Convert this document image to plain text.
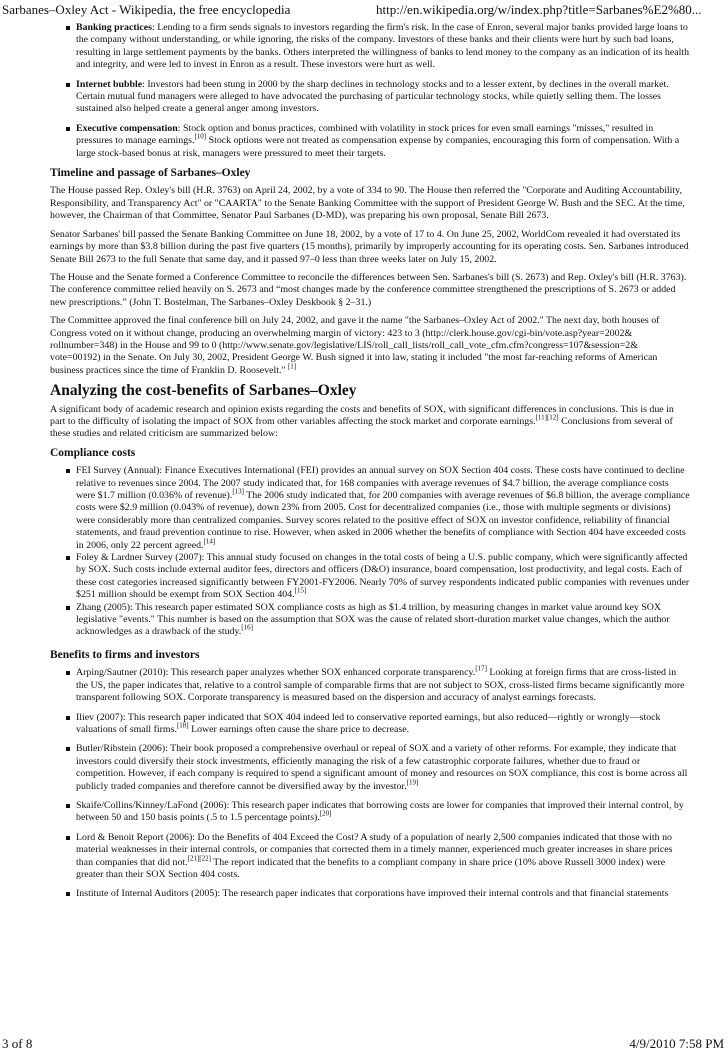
Sarbanes–Oxley Act - Wikipedia, the free encyclopedia	http://en.wikipedia.org/w/index.php?title=Sarbanes%E2%80...
Banking practices: Lending to a firm sends signals to investors regarding the firm's risk. In the case of Enron, several major banks provided large loans to the company without understanding, or while ignoring, the risks of the company. Investors of these banks and their clients were hurt by such bad loans, resulting in large settlement payments by the banks. Others interpreted the willingness of banks to lend money to the company as an indication of its health and integrity, and were led to invest in Enron as a result. These investors were hurt as well.
Internet bubble: Investors had been stung in 2000 by the sharp declines in technology stocks and to a lesser extent, by declines in the overall market. Certain mutual fund managers were alleged to have advocated the purchasing of particular technology stocks, while quietly selling them. The losses sustained also helped create a general anger among investors.
Executive compensation: Stock option and bonus practices, combined with volatility in stock prices for even small earnings "misses," resulted in pressures to manage earnings.[10] Stock options were not treated as compensation expense by companies, encouraging this form of compensation. With a large stock-based bonus at risk, managers were pressured to meet their targets.
Timeline and passage of Sarbanes–Oxley

The House passed Rep. Oxley's bill (H.R. 3763) on April 24, 2002, by a vote of 334 to 90. The House then referred the "Corporate and Auditing Accountability, Responsibility, and Transparency Act" or "CAARTA" to the Senate Banking Committee with the support of President George W. Bush and the SEC. At the time, however, the Chairman of that Committee, Senator Paul Sarbanes (D-MD), was preparing his own proposal, Senate Bill 2673.

Senator Sarbanes' bill passed the Senate Banking Committee on June 18, 2002, by a vote of 17 to 4. On June 25, 2002, WorldCom revealed it had overstated its earnings by more than $3.8 billion during the past five quarters (15 months), primarily by improperly accounting for its operating costs. Sen. Sarbanes introduced Senate Bill 2673 to the full Senate that same day, and it passed 97–0 less than three weeks later on July 15, 2002.

The House and the Senate formed a Conference Committee to reconcile the differences between Sen. Sarbanes's bill (S. 2673) and Rep. Oxley's bill (H.R. 3763). The conference committee relied heavily on S. 2673 and “most changes made by the conference committee strengthened the prescriptions of S. 2673 or added new prescriptions.” (John T. Bostelman, The Sarbanes–Oxley Deskbook § 2–31.)

The Committee approved the final conference bill on July 24, 2002, and gave it the name "the Sarbanes–Oxley Act of 2002." The next day, both houses of Congress voted on it without change, producing an overwhelming margin of victory: 423 to 3 (http://clerk.house.gov/cgi-bin/vote.asp?year=2002& rollnumber=348) in the House and 99 to 0 (http://www.senate.gov/legislative/LIS/roll_call_lists/roll_call_vote_cfm.cfm?congress=107&session=2& vote=00192) in the Senate. On July 30, 2002, President George W. Bush signed it into law, stating it included "the most far-reaching reforms of American business practices since the time of Franklin D. Roosevelt." [1]

Analyzing the cost-benefits of Sarbanes–Oxley

A significant body of academic research and opinion exists regarding the costs and benefits of SOX, with significant differences in conclusions. This is due in part to the difficulty of isolating the impact of SOX from other variables affecting the stock market and corporate earnings.[11][12] Conclusions from several of these studies and related criticism are summarized below:

Compliance costs
FEI Survey (Annual): Finance Executives International (FEI) provides an annual survey on SOX Section 404 costs. These costs have continued to decline relative to revenues since 2004. The 2007 study indicated that, for 168 companies with average revenues of $4.7 billion, the average compliance costs were $1.7 million (0.036% of revenue).[13] The 2006 study indicated that, for 200 companies with average revenues of $6.8 billion, the average compliance costs were $2.9 million (0.043% of revenue), down 23% from 2005. Cost for decentralized companies (i.e., those with multiple segments or divisions) were considerably more than centralized companies. Survey scores related to the positive effect of SOX on investor confidence, reliability of financial statements, and fraud prevention continue to rise. However, when asked in 2006 whether the benefits of compliance with Section 404 have exceeded costs in 2006, only 22 percent agreed.[14]
Foley & Lardner Survey (2007): This annual study focused on changes in the total costs of being a U.S. public company, which were significantly affected by SOX. Such costs include external auditor fees, directors and officers (D&O) insurance, board compensation, lost productivity, and legal costs. Each of these cost categories increased significantly between FY2001-FY2006. Nearly 70% of survey respondents indicated public companies with revenues under $251 million should be exempt from SOX Section 404.[15]
Zhang (2005): This research paper estimated SOX compliance costs as high as $1.4 trillion, by measuring changes in market value around key SOX legislative "events." This number is based on the assumption that SOX was the cause of related short-duration market value changes, which the author acknowledges as a drawback of the study.[16]
Benefits to firms and investors
Arping/Sautner (2010): This research paper analyzes whether SOX enhanced corporate transparency.[17] Looking at foreign firms that are cross-listed in the US, the paper indicates that, relative to a control sample of comparable firms that are not subject to SOX, cross-listed firms became significantly more transparent following SOX. Corporate transparency is measured based on the dispersion and accuracy of analyst earnings forecasts.
Iliev (2007): This research paper indicated that SOX 404 indeed led to conservative reported earnings, but also reduced—rightly or wrongly—stock valuations of small firms.[18] Lower earnings often cause the share price to decrease.
Butler/Ribstein (2006): Their book proposed a comprehensive overhaul or repeal of SOX and a variety of other reforms. For example, they indicate that investors could diversify their stock investments, efficiently managing the risk of a few catastrophic corporate failures, whether due to fraud or competition. However, if each company is required to spend a significant amount of money and resources on SOX compliance, this cost is borne across all publicly traded companies and therefore cannot be diversified away by the investor.[19]
Skaife/Collins/Kinney/LaFond (2006): This research paper indicates that borrowing costs are lower for companies that improved their internal control, by between 50 and 150 basis points (.5 to 1.5 percentage points).[20]
Lord & Benoit Report (2006): Do the Benefits of 404 Exceed the Cost? A study of a population of nearly 2,500 companies indicated that those with no material weaknesses in their internal controls, or companies that corrected them in a timely manner, experienced much greater increases in share prices than companies that did not.[21][22] The report indicated that the benefits to a compliant company in share price (10% above Russell 3000 index) were greater than their SOX Section 404 costs.
Institute of Internal Auditors (2005): The research paper indicates that corporations have improved their internal controls and that financial statements
3 of 8	4/9/2010 7:58 PM
